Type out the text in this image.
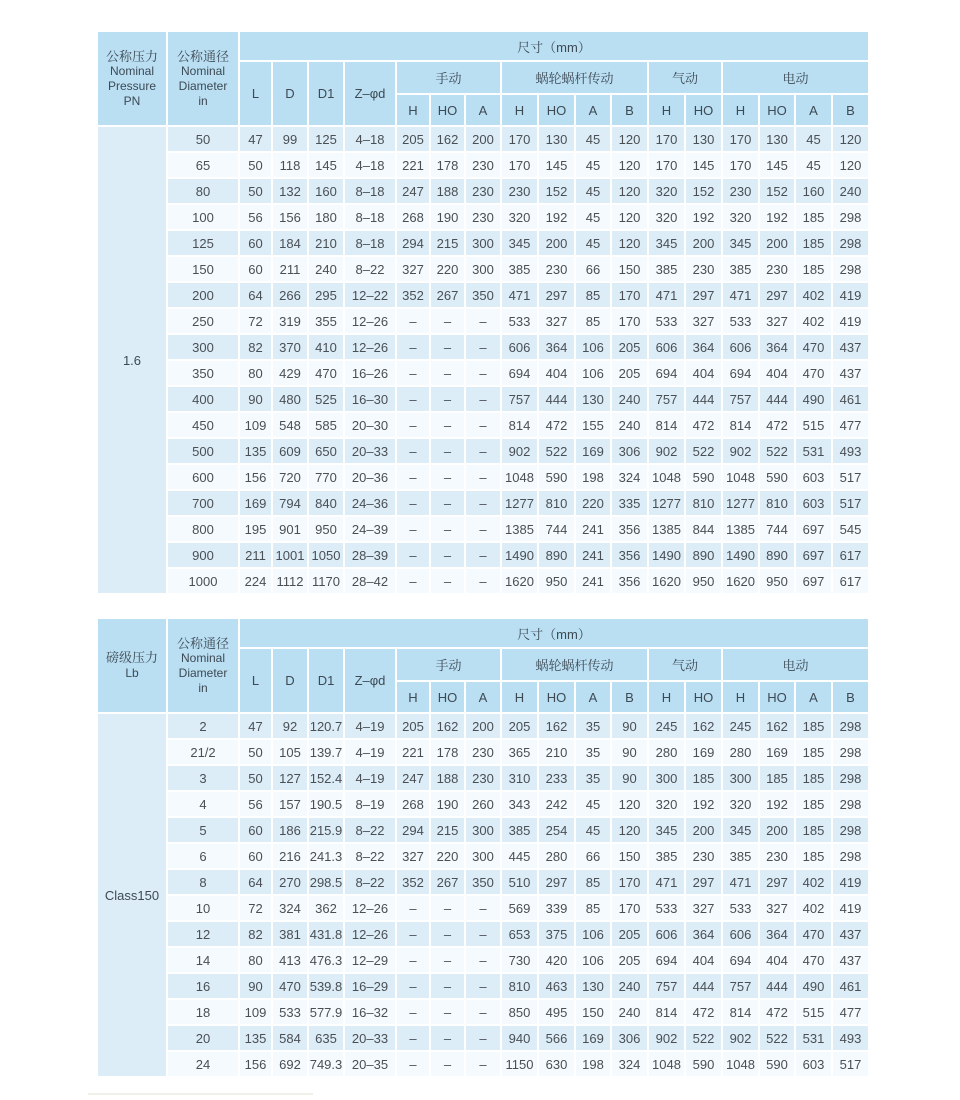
公称压力
Nominal
Pressure
PN

公称通径
Nominal
Diameter
in
	尺寸（mm）
		L	D	D1	Z–φd	手动			蜗轮蜗杆传动				气动		电动			
						H	HO	A	H	HO	A	B	H	HO	H	HO	A	B
1.6	50	47	99	125	4–18	205	162	200	170	130	45	120	170	130	170	130	45	120
	65	50	118	145	4–18	221	178	230	170	145	45	120	170	145	170	145	45	120
	80	50	132	160	8–18	247	188	230	230	152	45	120	320	152	230	152	160	240
	100	56	156	180	8–18	268	190	230	320	192	45	120	320	192	320	192	185	298
	125	60	184	210	8–18	294	215	300	345	200	45	120	345	200	345	200	185	298
	150	60	211	240	8–22	327	220	300	385	230	66	150	385	230	385	230	185	298
	200	64	266	295	12–22	352	267	350	471	297	85	170	471	297	471	297	402	419
	250	72	319	355	12–26	–	–	–	533	327	85	170	533	327	533	327	402	419
	300	82	370	410	12–26	–	–	–	606	364	106	205	606	364	606	364	470	437
	350	80	429	470	16–26	–	–	–	694	404	106	205	694	404	694	404	470	437
	400	90	480	525	16–30	–	–	–	757	444	130	240	757	444	757	444	490	461
	450	109	548	585	20–30	–	–	–	814	472	155	240	814	472	814	472	515	477
	500	135	609	650	20–33	–	–	–	902	522	169	306	902	522	902	522	531	493
	600	156	720	770	20–36	–	–	–	1048	590	198	324	1048	590	1048	590	603	517
	700	169	794	840	24–36	–	–	–	1277	810	220	335	1277	810	1277	810	603	517
	800	195	901	950	24–39	–	–	–	1385	744	241	356	1385	844	1385	744	697	545
	900	211	1001	1050	28–39	–	–	–	1490	890	241	356	1490	890	1490	890	697	617
	1000	224	1112	1170	28–42	–	–	–	1620	950	241	356	1620	950	1620	950	697	617
磅级压力
Lb

公称通径
Nominal
Diameter
in
	尺寸（mm）
		L	D	D1	Z–φd	手动			蜗轮蜗杆传动				气动		电动			
						H	HO	A	H	HO	A	B	H	HO	H	HO	A	B
Class150	2	47	92	120.7	4–19	205	162	200	205	162	35	90	245	162	245	162	185	298
	21/2	50	105	139.7	4–19	221	178	230	365	210	35	90	280	169	280	169	185	298
	3	50	127	152.4	4–19	247	188	230	310	233	35	90	300	185	300	185	185	298
	4	56	157	190.5	8–19	268	190	260	343	242	45	120	320	192	320	192	185	298
	5	60	186	215.9	8–22	294	215	300	385	254	45	120	345	200	345	200	185	298
	6	60	216	241.3	8–22	327	220	300	445	280	66	150	385	230	385	230	185	298
	8	64	270	298.5	8–22	352	267	350	510	297	85	170	471	297	471	297	402	419
	10	72	324	362	12–26	–	–	–	569	339	85	170	533	327	533	327	402	419
	12	82	381	431.8	12–26	–	–	–	653	375	106	205	606	364	606	364	470	437
	14	80	413	476.3	12–29	–	–	–	730	420	106	205	694	404	694	404	470	437
	16	90	470	539.8	16–29	–	–	–	810	463	130	240	757	444	757	444	490	461
	18	109	533	577.9	16–32	–	–	–	850	495	150	240	814	472	814	472	515	477
	20	135	584	635	20–33	–	–	–	940	566	169	306	902	522	902	522	531	493
	24	156	692	749.3	20–35	–	–	–	1150	630	198	324	1048	590	1048	590	603	517
